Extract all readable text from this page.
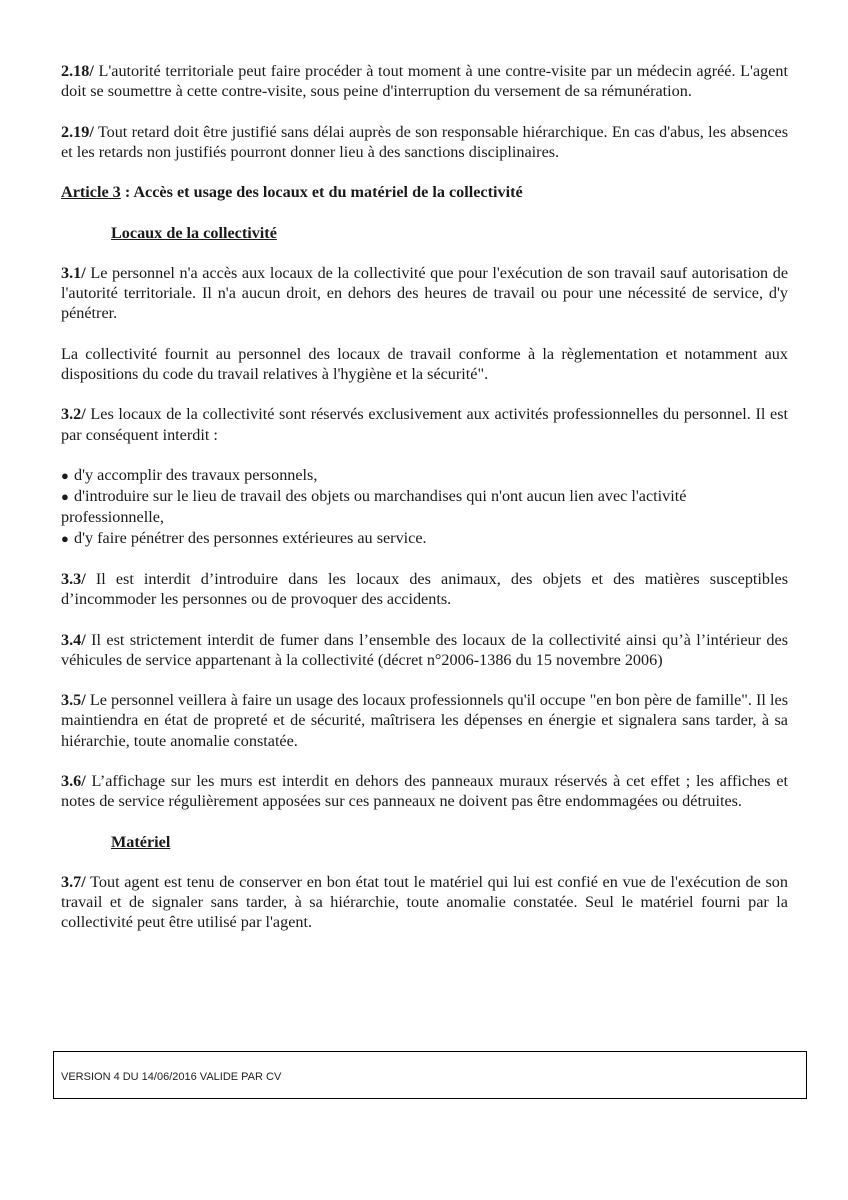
2.18/ L'autorité territoriale peut faire procéder à tout moment à une contre-visite par un médecin agréé. L'agent doit se soumettre à cette contre-visite, sous peine d'interruption du versement de sa rémunération.

2.19/ Tout retard doit être justifié sans délai auprès de son responsable hiérarchique. En cas d'abus, les absences et les retards non justifiés pourront donner lieu à des sanctions disciplinaires.

Article 3 : Accès et usage des locaux et du matériel de la collectivité

Locaux de la collectivité

3.1/ Le personnel n'a accès aux locaux de la collectivité que pour l'exécution de son travail sauf autorisation de l'autorité territoriale. Il n'a aucun droit, en dehors des heures de travail ou pour une nécessité de service, d'y pénétrer.

La collectivité fournit au personnel des locaux de travail conforme à la règlementation et notamment aux dispositions du code du travail relatives à l'hygiène et la sécurité".

3.2/ Les locaux de la collectivité sont réservés exclusivement aux activités professionnelles du personnel. Il est par conséquent interdit :

● d'y accomplir des travaux personnels,
● d'introduire sur le lieu de travail des objets ou marchandises qui n'ont aucun lien avec l'activité professionnelle,
● d'y faire pénétrer des personnes extérieures au service.

3.3/ Il est interdit d’introduire dans les locaux des animaux, des objets et des matières susceptibles d’incommoder les personnes ou de provoquer des accidents.

3.4/ Il est strictement interdit de fumer dans l’ensemble des locaux de la collectivité ainsi qu’à l’intérieur des véhicules de service appartenant à la collectivité (décret n°2006-1386 du 15 novembre 2006)

3.5/ Le personnel veillera à faire un usage des locaux professionnels qu'il occupe "en bon père de famille". Il les maintiendra en état de propreté et de sécurité, maîtrisera les dépenses en énergie et signalera sans tarder, à sa hiérarchie, toute anomalie constatée.

3.6/ L’affichage sur les murs est interdit en dehors des panneaux muraux réservés à cet effet ; les affiches et notes de service régulièrement apposées sur ces panneaux ne doivent pas être endommagées ou détruites.

Matériel

3.7/ Tout agent est tenu de conserver en bon état tout le matériel qui lui est confié en vue de l'exécution de son travail et de signaler sans tarder, à sa hiérarchie, toute anomalie constatée. Seul le matériel fourni par la collectivité peut être utilisé par l'agent.

VERSION 4 DU 14/06/2016 VALIDE PAR CV
